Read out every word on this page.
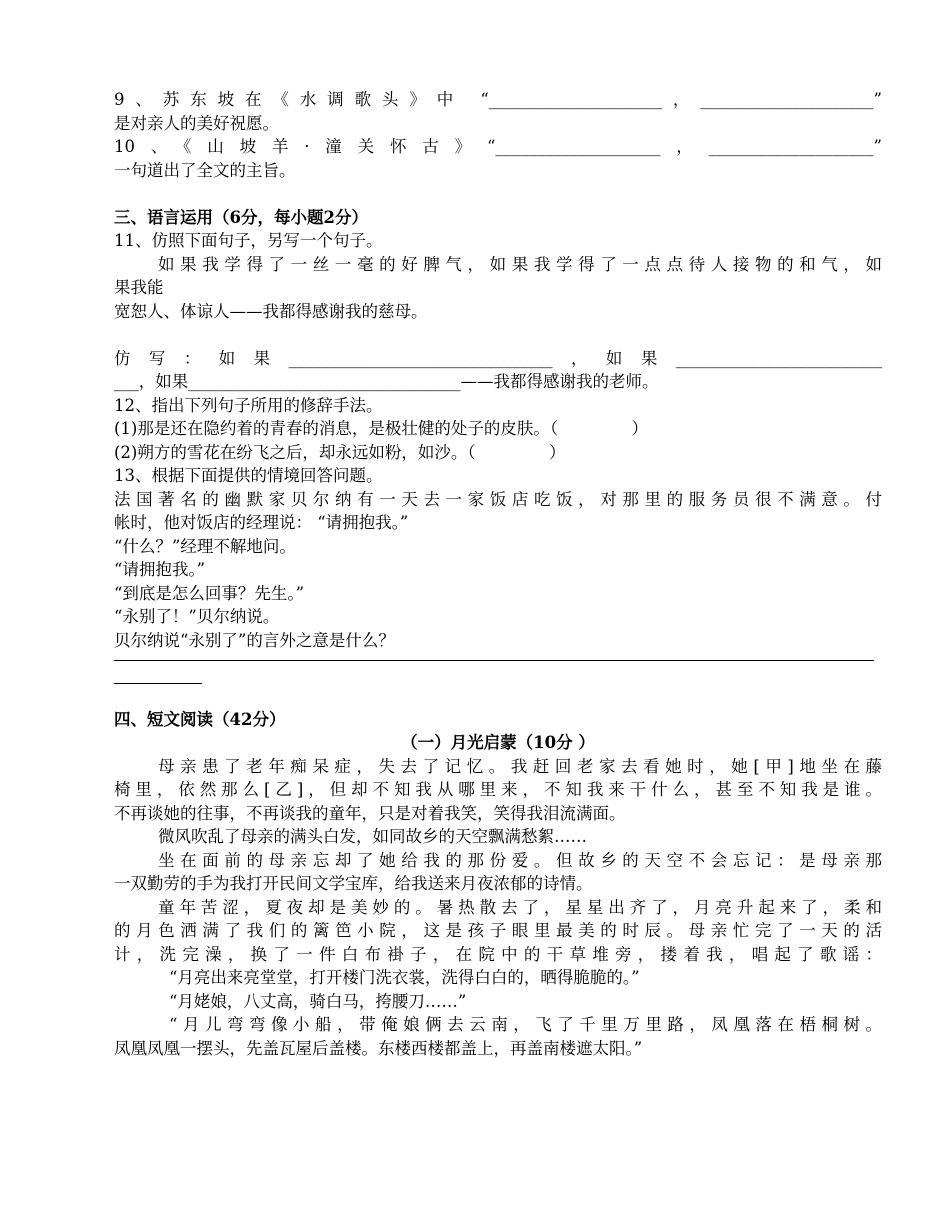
9、苏东坡在《水调歌头》中 “_____________________，_____________________”
是对亲人的美好祝愿。
10、《山坡羊·潼关怀古》“____________________，____________________”
一句道出了全文的主旨。
三、语言运用（6分，每小题2分）
11、仿照下面句子，另写一个句子。
如果我学得了一丝一毫的好脾气，如果我学得了一点点待人接物的和气，如
果我能
宽恕人、体谅人——我都得感谢我的慈母。
仿写：如果________________________________，如果_________________________
___，如果_________________________________——我都得感谢我的老师。
12、指出下列句子所用的修辞手法。
(1)那是还在隐约着的青春的消息，是极壮健的处子的皮肤。（              ）
(2)朔方的雪花在纷飞之后，却永远如粉，如沙。（              ）
13、根据下面提供的情境回答问题。
法国著名的幽默家贝尔纳有一天去一家饭店吃饭，对那里的服务员很不满意。付
帐时，他对饭店的经理说： “请拥抱我。”
“什么？”经理不解地问。
“请拥抱我。”
“到底是怎么回事？先生。”
“永别了！”贝尔纳说。
贝尔纳说“永别了”的言外之意是什么？
四、短文阅读（42分）
（一）月光启蒙（10分 ）
母亲患了老年痴呆症，失去了记忆。我赶回老家去看她时，她[甲]地坐在藤
椅里，依然那么[乙]，但却不知我从哪里来，不知我来干什么，甚至不知我是谁。
不再谈她的往事，不再谈我的童年，只是对着我笑，笑得我泪流满面。
微风吹乱了母亲的满头白发，如同故乡的天空飘满愁絮……
坐在面前的母亲忘却了她给我的那份爱。但故乡的天空不会忘记：是母亲那
一双勤劳的手为我打开民间文学宝库，给我送来月夜浓郁的诗情。
童年苦涩，夏夜却是美妙的。暑热散去了，星星出齐了，月亮升起来了，柔和
的月色洒满了我们的篱笆小院，这是孩子眼里最美的时辰。母亲忙完了一天的活
计，洗完澡，换了一件白布褂子，在院中的干草堆旁，搂着我，唱起了歌谣：
“月亮出来亮堂堂，打开楼门洗衣裳，洗得白白的，晒得脆脆的。”
“月姥娘，八丈高，骑白马，挎腰刀……”
“月儿弯弯像小船，带俺娘俩去云南，飞了千里万里路，凤凰落在梧桐树。
凤凰凤凰一摆头，先盖瓦屋后盖楼。东楼西楼都盖上，再盖南楼遮太阳。”
